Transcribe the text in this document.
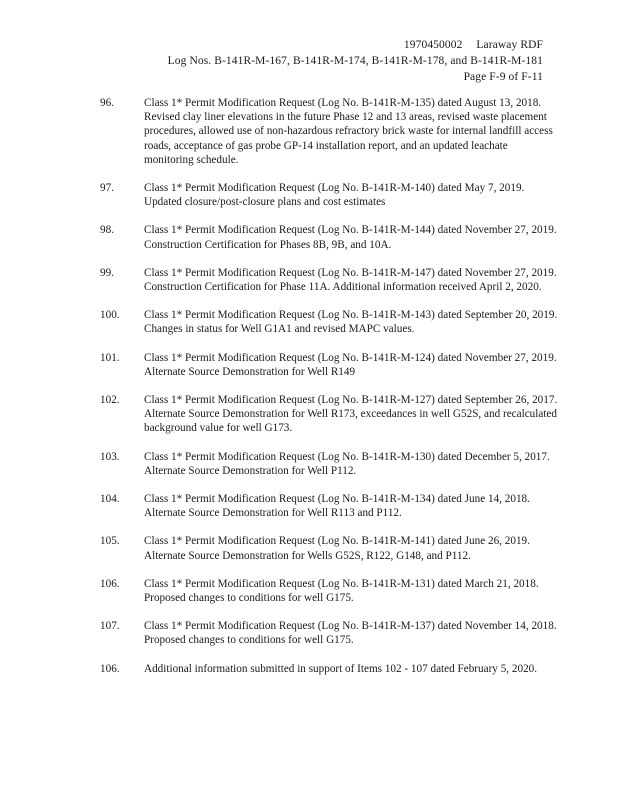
1970450002 Laraway RDF
Log Nos. B-141R-M-167, B-141R-M-174, B-141R-M-178, and B-141R-M-181
Page F-9 of F-11
96.	Class 1* Permit Modification Request (Log No. B-141R-M-135) dated August 13, 2018. Revised clay liner elevations in the future Phase 12 and 13 areas, revised waste placement procedures, allowed use of non-hazardous refractory brick waste for internal landfill access roads, acceptance of gas probe GP-14 installation report, and an updated leachate monitoring schedule.
97.	Class 1* Permit Modification Request (Log No. B-141R-M-140) dated May 7, 2019. Updated closure/post-closure plans and cost estimates
98.	Class 1* Permit Modification Request (Log No. B-141R-M-144) dated November 27, 2019. Construction Certification for Phases 8B, 9B, and 10A.
99.	Class 1* Permit Modification Request (Log No. B-141R-M-147) dated November 27, 2019. Construction Certification for Phase 11A. Additional information received April 2, 2020.
100.	Class 1* Permit Modification Request (Log No. B-141R-M-143) dated September 20, 2019. Changes in status for Well G1A1 and revised MAPC values.
101.	Class 1* Permit Modification Request (Log No. B-141R-M-124) dated November 27, 2019. Alternate Source Demonstration for Well R149
102.	Class 1* Permit Modification Request (Log No. B-141R-M-127) dated September 26, 2017. Alternate Source Demonstration for Well R173, exceedances in well G52S, and recalculated background value for well G173.
103.	Class 1* Permit Modification Request (Log No. B-141R-M-130) dated December 5, 2017. Alternate Source Demonstration for Well P112.
104.	Class 1* Permit Modification Request (Log No. B-141R-M-134) dated June 14, 2018. Alternate Source Demonstration for Well R113 and P112.
105.	Class 1* Permit Modification Request (Log No. B-141R-M-141) dated June 26, 2019. Alternate Source Demonstration for Wells G52S, R122, G148, and P112.
106.	Class 1* Permit Modification Request (Log No. B-141R-M-131) dated March 21, 2018. Proposed changes to conditions for well G175.
107.	Class 1* Permit Modification Request (Log No. B-141R-M-137) dated November 14, 2018. Proposed changes to conditions for well G175.
106.	Additional information submitted in support of Items 102 - 107 dated February 5, 2020.
